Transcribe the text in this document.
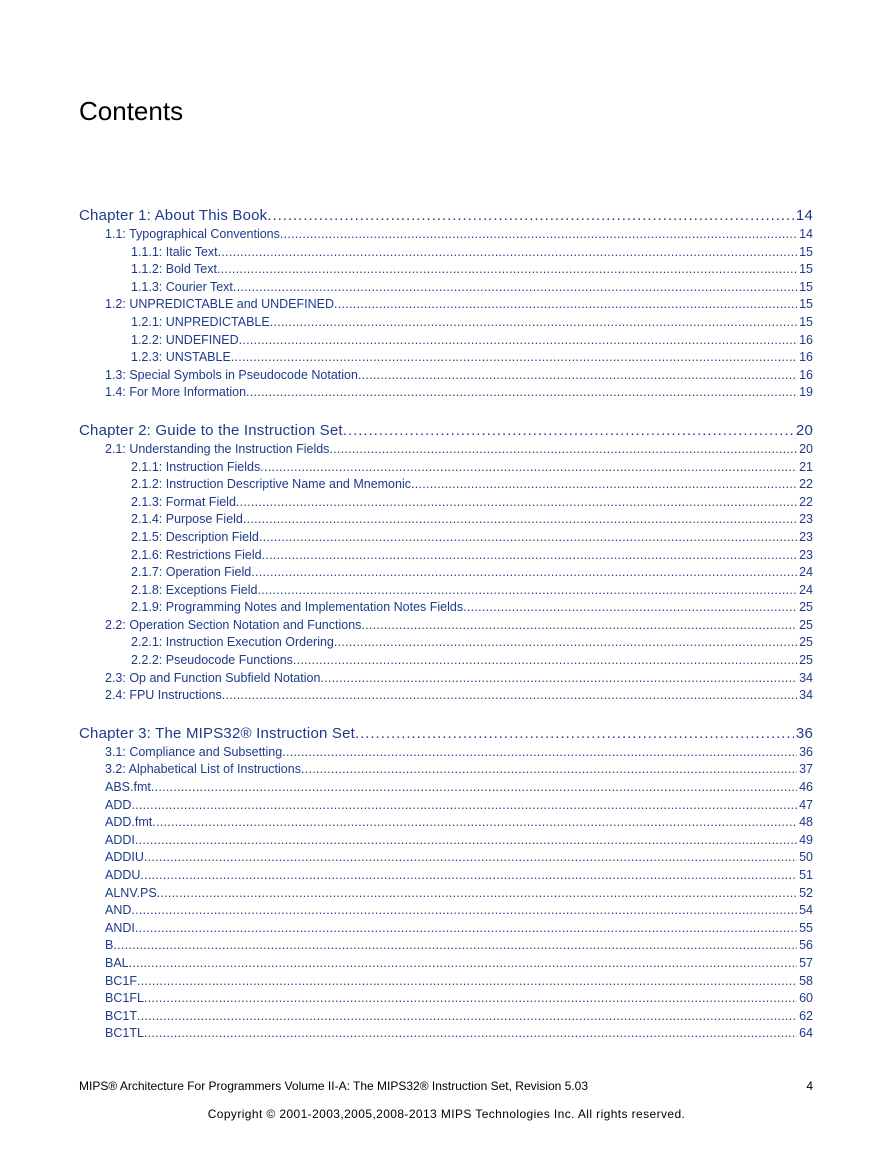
Contents
Chapter 1: About This Book . . .	14
1.1: Typographical Conventions . . .	14
1.1.1: Italic Text . . .	15
1.1.2: Bold Text . . .	15
1.1.3: Courier Text . . .	15
1.2: UNPREDICTABLE and UNDEFINED . . .	15
1.2.1: UNPREDICTABLE . . .	15
1.2.2: UNDEFINED . . .	16
1.2.3: UNSTABLE . . .	16
1.3: Special Symbols in Pseudocode Notation . . .	16
1.4: For More Information . . .	19
Chapter 2: Guide to the Instruction Set . . .	20
2.1: Understanding the Instruction Fields . . .	20
2.1.1: Instruction Fields . . .	21
2.1.2: Instruction Descriptive Name and Mnemonic . . .	22
2.1.3: Format Field . . .	22
2.1.4: Purpose Field . . .	23
2.1.5: Description Field . . .	23
2.1.6: Restrictions Field . . .	23
2.1.7: Operation Field . . .	24
2.1.8: Exceptions Field . . .	24
2.1.9: Programming Notes and Implementation Notes Fields . . .	25
2.2: Operation Section Notation and Functions . . .	25
2.2.1: Instruction Execution Ordering . . .	25
2.2.2: Pseudocode Functions . . .	25
2.3: Op and Function Subfield Notation . . .	34
2.4: FPU Instructions . . .	34
Chapter 3: The MIPS32® Instruction Set . . .	36
3.1: Compliance and Subsetting . . .	36
3.2: Alphabetical List of Instructions . . .	37
ABS.fmt . . .	46
ADD . . .	47
ADD.fmt . . .	48
ADDI . . .	49
ADDIU . . .	50
ADDU . . .	51
ALNV.PS . . .	52
AND . . .	54
ANDI . . .	55
B . . .	56
BAL . . .	57
BC1F . . .	58
BC1FL . . .	60
BC1T . . .	62
BC1TL . . .	64
MIPS® Architecture For Programmers Volume II-A: The MIPS32® Instruction Set, Revision 5.03	4
Copyright © 2001-2003,2005,2008-2013 MIPS Technologies Inc. All rights reserved.
